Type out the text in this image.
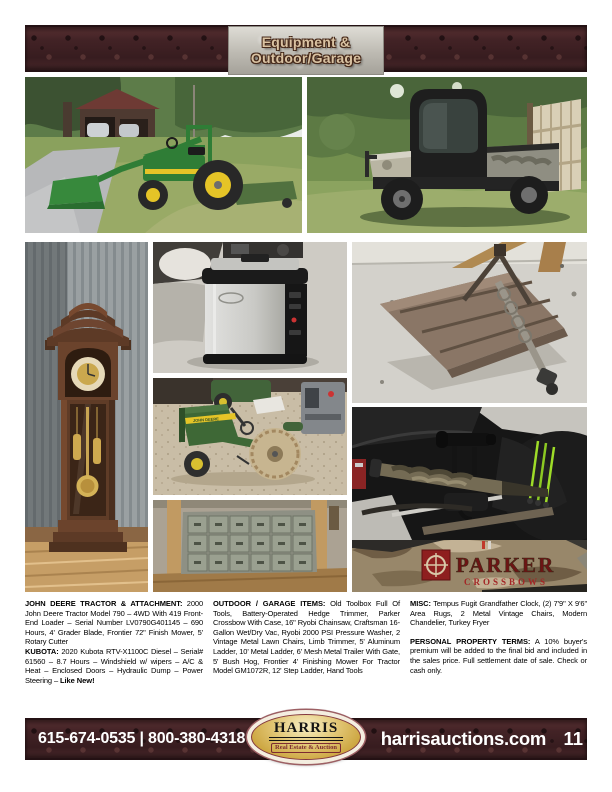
Equipment &
Outdoor/Garage
JOHN DEERE
PARKER
CROSSBOWS

JOHN DEERE TRACTOR & ATTACHMENT: 2000 John Deere Tractor Model 790 – 4WD With 419 Front-End Loader – Serial Number LV0790G401145 – 690 Hours, 4' Grader Blade, Frontier 72" Finish Mower, 5' Rotary Cutter

KUBOTA: 2020 Kubota RTV-X1100C Diesel – Serial# 61560 – 8.7 Hours – Windshield w/ wipers – A/C & Heat – Enclosed Doors – Hydraulic Dump – Power Steering – Like New!

OUTDOOR / GARAGE ITEMS: Old Toolbox Full Of Tools, Battery-Operated Hedge Trimmer, Parker Crossbow With Case, 16" Ryobi Chainsaw, Craftsman 16-Gallon Wet/Dry Vac, Ryobi 2000 PSI Pressure Washer, 2 Vintage Metal Lawn Chairs, Limb Trimmer, 5' Aluminum Ladder, 10' Metal Ladder, 6' Mesh Metal Trailer With Gate, 5' Bush Hog, Frontier 4' Finishing Mower For Tractor Model GM1072R, 12' Step Ladder, Hand Tools

MISC: Tempus Fugit Grandfather Clock, (2) 7'9" X 9'6" Area Rugs, 2 Metal Vintage Chairs, Modern Chandelier, Turkey Fryer

PERSONAL PROPERTY TERMS: A 10% buyer's premium will be added to the final bid and included in the sales price. Full settlement date of sale. Check or cash only.

615-674-0535 | 800-380-4318	harrisauctions.com 11
HARRIS
Real Estate & Auction
